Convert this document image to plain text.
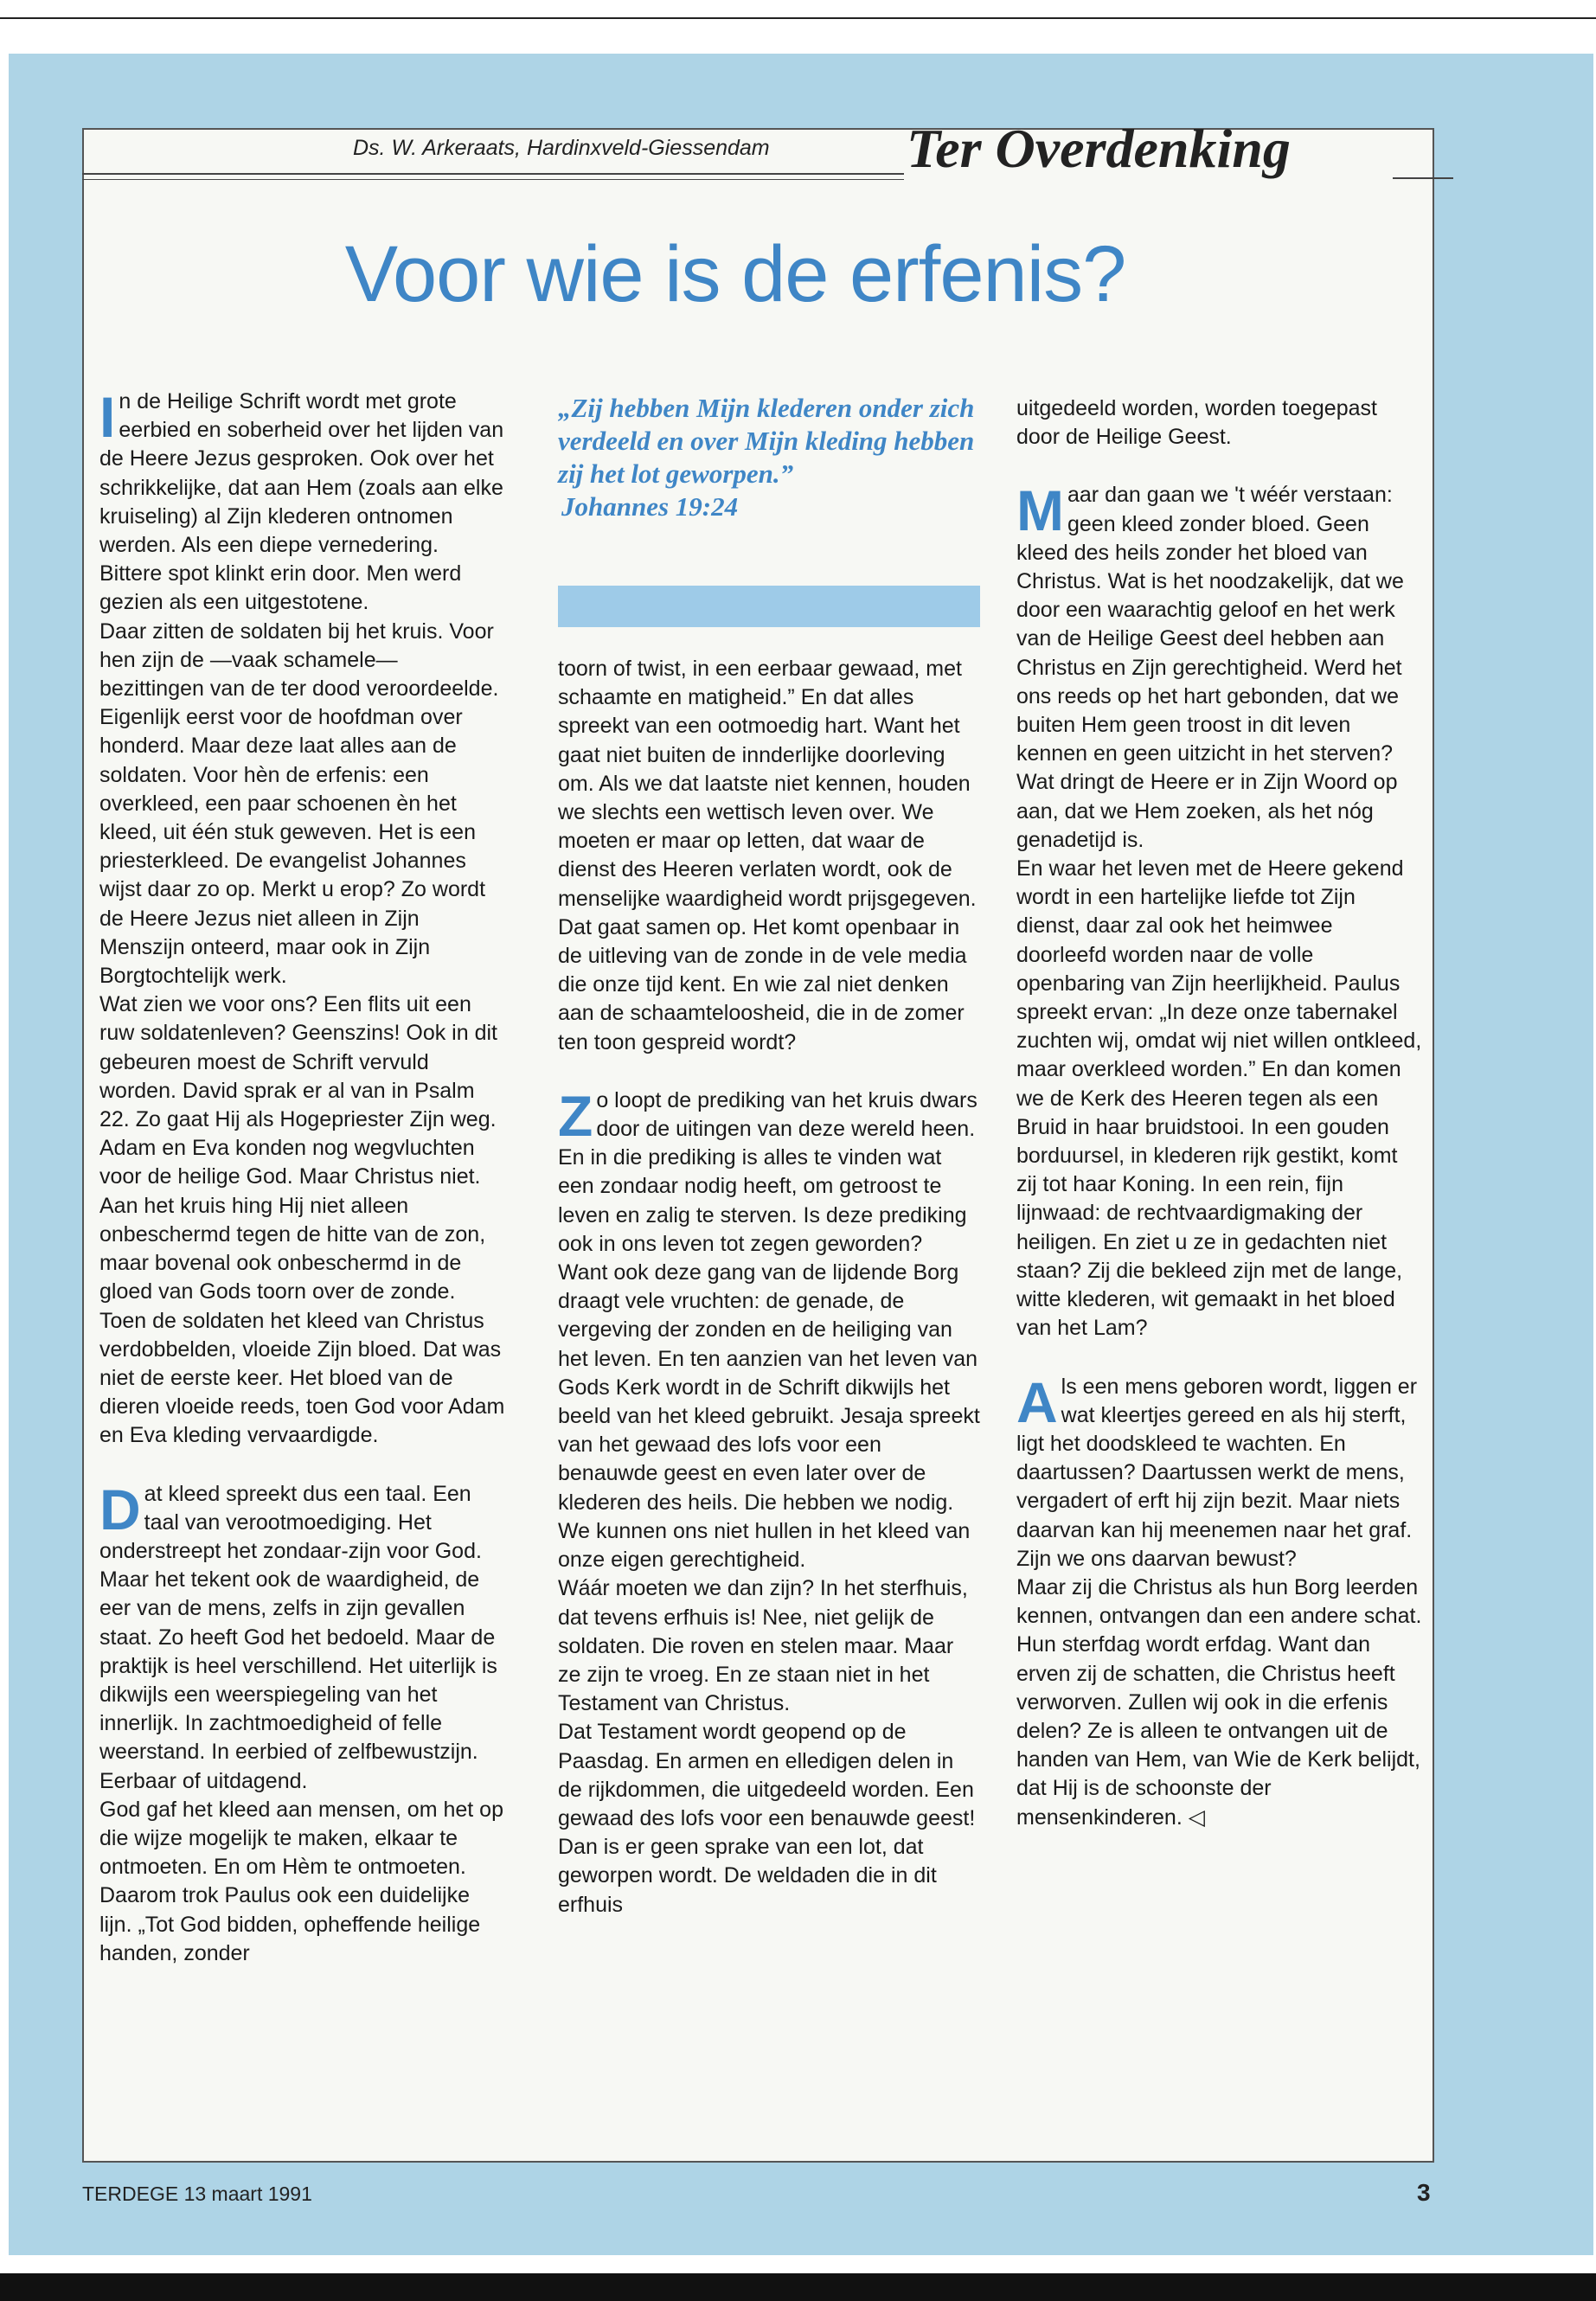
Ds. W. Arkeraats, Hardinxveld-Giessendam	Ter Overdenking
Voor wie is de erfenis?

In de Heilige Schrift wordt met grote eerbied en soberheid over het lijden van de Heere Jezus gesproken. Ook over het schrikkelijke, dat aan Hem (zoals aan elke kruiseling) al Zijn klederen ontnomen werden. Als een diepe vernedering. Bittere spot klinkt erin door. Men werd gezien als een uitgestotene.

Daar zitten de soldaten bij het kruis. Voor hen zijn de —vaak schamele— bezittingen van de ter dood veroordeelde. Eigenlijk eerst voor de hoofdman over honderd. Maar deze laat alles aan de soldaten. Voor hèn de erfenis: een overkleed, een paar schoenen èn het kleed, uit één stuk geweven. Het is een priesterkleed. De evangelist Johannes wijst daar zo op. Merkt u erop? Zo wordt de Heere Jezus niet alleen in Zijn Menszijn onteerd, maar ook in Zijn Borgtochtelijk werk.

Wat zien we voor ons? Een flits uit een ruw soldatenleven? Geenszins! Ook in dit gebeuren moest de Schrift vervuld worden. David sprak er al van in Psalm 22. Zo gaat Hij als Hogepriester Zijn weg. Adam en Eva konden nog wegvluchten voor de heilige God. Maar Christus niet. Aan het kruis hing Hij niet alleen onbeschermd tegen de hitte van de zon, maar bovenal ook onbeschermd in de gloed van Gods toorn over de zonde.

Toen de soldaten het kleed van Christus verdobbelden, vloeide Zijn bloed. Dat was niet de eerste keer. Het bloed van de dieren vloeide reeds, toen God voor Adam en Eva kleding vervaardigde.

Dat kleed spreekt dus een taal. Een taal van verootmoediging. Het onderstreept het zondaar-zijn voor God. Maar het tekent ook de waardigheid, de eer van de mens, zelfs in zijn gevallen staat. Zo heeft God het bedoeld. Maar de praktijk is heel verschillend. Het uiterlijk is dikwijls een weerspiegeling van het innerlijk. In zachtmoedigheid of felle weerstand. In eerbied of zelfbewustzijn. Eerbaar of uitdagend.

God gaf het kleed aan mensen, om het op die wijze mogelijk te maken, elkaar te ontmoeten. En om Hèm te ontmoeten. Daarom trok Paulus ook een duidelijke lijn. „Tot God bidden, opheffende heilige handen, zonder

„Zij hebben Mijn klederen onder zich verdeeld en over Mijn kleding hebben zij het lot geworpen.”
Johannes 19:24

toorn of twist, in een eerbaar gewaad, met schaamte en matigheid.” En dat alles spreekt van een ootmoedig hart. Want het gaat niet buiten de innderlijke doorleving om. Als we dat laatste niet kennen, houden we slechts een wettisch leven over. We moeten er maar op letten, dat waar de dienst des Heeren verlaten wordt, ook de menselijke waardigheid wordt prijsgegeven. Dat gaat samen op. Het komt openbaar in de uitleving van de zonde in de vele media die onze tijd kent. En wie zal niet denken aan de schaamteloosheid, die in de zomer ten toon gespreid wordt?

Zo loopt de prediking van het kruis dwars door de uitingen van deze wereld heen. En in die prediking is alles te vinden wat een zondaar nodig heeft, om getroost te leven en zalig te sterven. Is deze prediking ook in ons leven tot zegen geworden?

Want ook deze gang van de lijdende Borg draagt vele vruchten: de genade, de vergeving der zonden en de heiliging van het leven. En ten aanzien van het leven van Gods Kerk wordt in de Schrift dikwijls het beeld van het kleed gebruikt. Jesaja spreekt van het gewaad des lofs voor een benauwde geest en even later over de klederen des heils. Die hebben we nodig. We kunnen ons niet hullen in het kleed van onze eigen gerechtigheid.

Wáár moeten we dan zijn? In het sterfhuis, dat tevens erfhuis is! Nee, niet gelijk de soldaten. Die roven en stelen maar. Maar ze zijn te vroeg. En ze staan niet in het Testament van Christus.

Dat Testament wordt geopend op de Paasdag. En armen en elledigen delen in de rijkdommen, die uitgedeeld worden. Een gewaad des lofs voor een benauwde geest! Dan is er geen sprake van een lot, dat geworpen wordt. De weldaden die in dit erfhuis

uitgedeeld worden, worden toegepast door de Heilige Geest.

Maar dan gaan we 't wéér verstaan: geen kleed zonder bloed. Geen kleed des heils zonder het bloed van Christus. Wat is het noodzakelijk, dat we door een waarachtig geloof en het werk van de Heilige Geest deel hebben aan Christus en Zijn gerechtigheid. Werd het ons reeds op het hart gebonden, dat we buiten Hem geen troost in dit leven kennen en geen uitzicht in het sterven? Wat dringt de Heere er in Zijn Woord op aan, dat we Hem zoeken, als het nóg genadetijd is.

En waar het leven met de Heere gekend wordt in een hartelijke liefde tot Zijn dienst, daar zal ook het heimwee doorleefd worden naar de volle openbaring van Zijn heerlijkheid. Paulus spreekt ervan: „In deze onze tabernakel zuchten wij, omdat wij niet willen ontkleed, maar overkleed worden.” En dan komen we de Kerk des Heeren tegen als een Bruid in haar bruidstooi. In een gouden borduursel, in klederen rijk gestikt, komt zij tot haar Koning. In een rein, fijn lijnwaad: de rechtvaardigmaking der heiligen. En ziet u ze in gedachten niet staan? Zij die bekleed zijn met de lange, witte klederen, wit gemaakt in het bloed van het Lam?

Als een mens geboren wordt, liggen er wat kleertjes gereed en als hij sterft, ligt het doodskleed te wachten. En daartussen? Daartussen werkt de mens, vergadert of erft hij zijn bezit. Maar niets daarvan kan hij meenemen naar het graf. Zijn we ons daarvan bewust?

Maar zij die Christus als hun Borg leerden kennen, ontvangen dan een andere schat. Hun sterfdag wordt erfdag. Want dan erven zij de schatten, die Christus heeft verworven. Zullen wij ook in die erfenis delen? Ze is alleen te ontvangen uit de handen van Hem, van Wie de Kerk belijdt, dat Hij is de schoonste der mensenkinderen. ◁

TERDEGE 13 maart 1991	3
